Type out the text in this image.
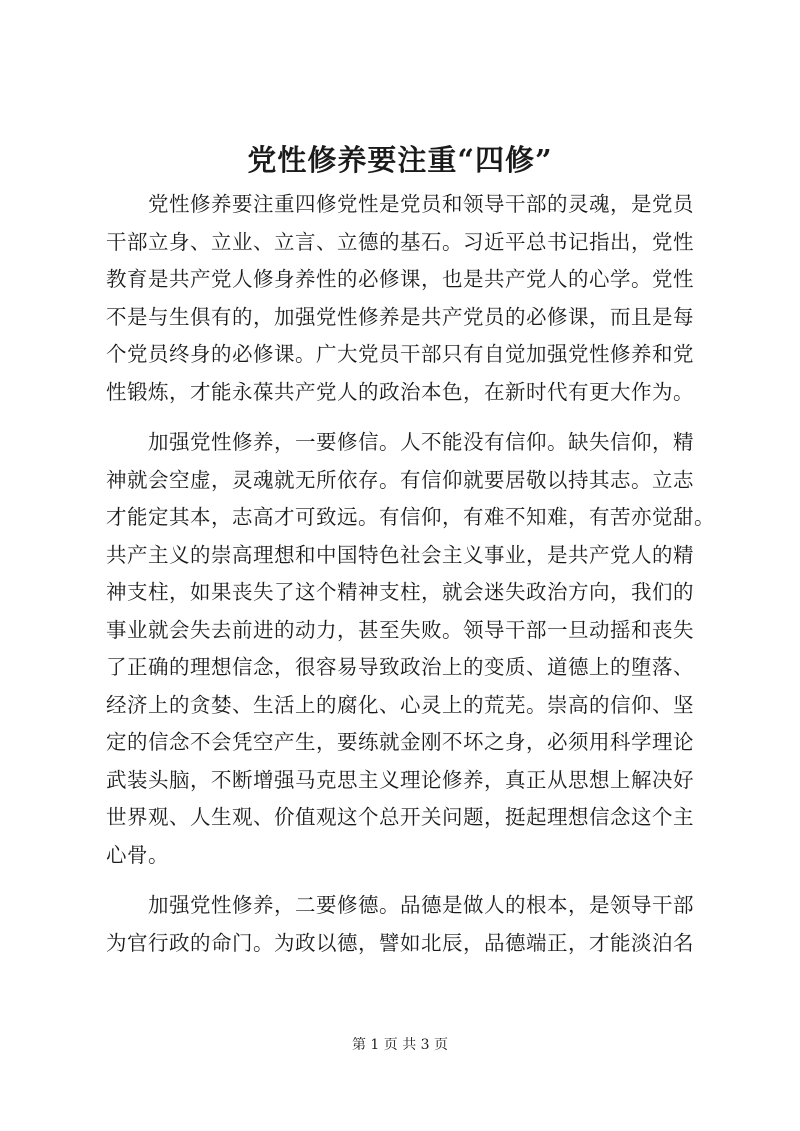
党性修养要注重“四修”
　　党性修养要注重四修党性是党员和领导干部的灵魂，是党员
干部立身、立业、立言、立德的基石。习近平总书记指出，党性
教育是共产党人修身养性的必修课，也是共产党人的心学。党性
不是与生俱有的，加强党性修养是共产党员的必修课，而且是每
个党员终身的必修课。广大党员干部只有自觉加强党性修养和党
性锻炼，才能永葆共产党人的政治本色，在新时代有更大作为。
　　加强党性修养，一要修信。人不能没有信仰。缺失信仰，精
神就会空虚，灵魂就无所依存。有信仰就要居敬以持其志。立志
才能定其本，志高才可致远。有信仰，有难不知难，有苦亦觉甜。
共产主义的崇高理想和中国特色社会主义事业，是共产党人的精
神支柱，如果丧失了这个精神支柱，就会迷失政治方向，我们的
事业就会失去前进的动力，甚至失败。领导干部一旦动摇和丧失
了正确的理想信念，很容易导致政治上的变质、道德上的堕落、
经济上的贪婪、生活上的腐化、心灵上的荒芜。崇高的信仰、坚
定的信念不会凭空产生，要练就金刚不坏之身，必须用科学理论
武装头脑，不断增强马克思主义理论修养，真正从思想上解决好
世界观、人生观、价值观这个总开关问题，挺起理想信念这个主
心骨。
　　加强党性修养，二要修德。品德是做人的根本，是领导干部
为官行政的命门。为政以德，譬如北辰，品德端正，才能淡泊名
第 1 页 共 3 页
